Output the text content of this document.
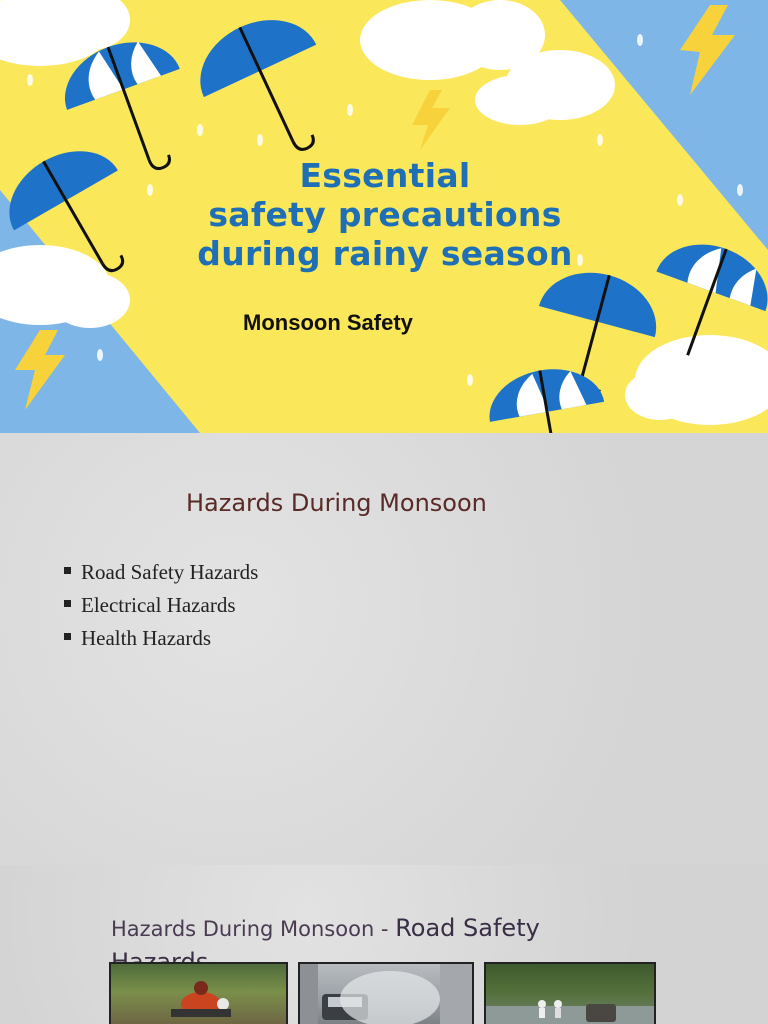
Essential
safety precautions
during rainy season
Monsoon Safety
Hazards During Monsoon
Road Safety Hazards
Electrical Hazards
Health Hazards
Hazards During Monsoon - Road Safety
